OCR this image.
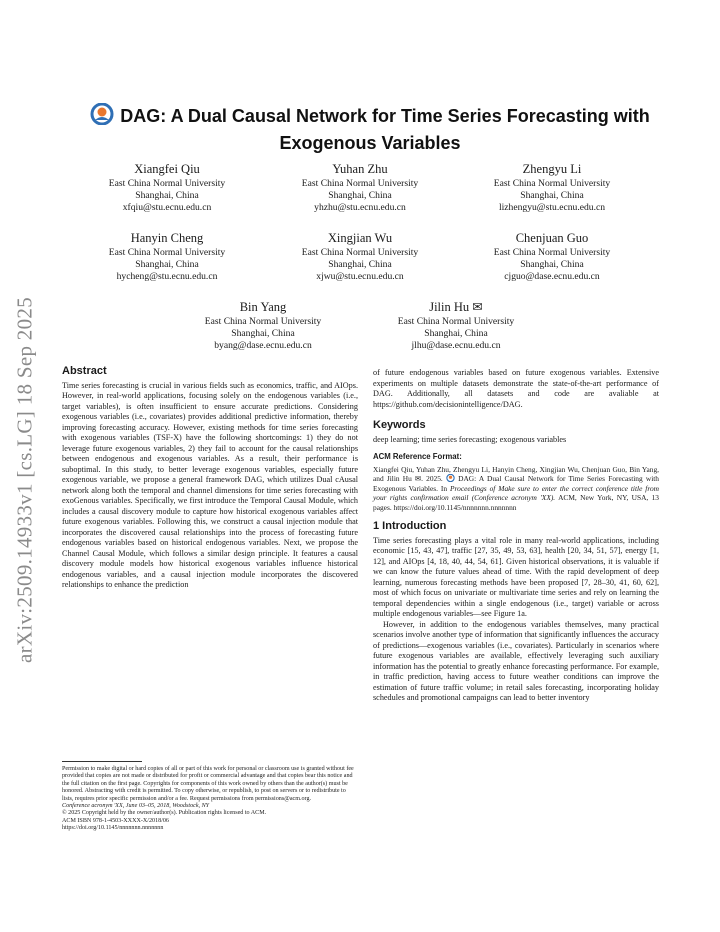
arXiv:2509.14933v1 [cs.LG] 18 Sep 2025
DAG: A Dual Causal Network for Time Series Forecasting with
Exogenous Variables
Xiangfei Qiu
East China Normal University
Shanghai, China
xfqiu@stu.ecnu.edu.cn
Yuhan Zhu
East China Normal University
Shanghai, China
yhzhu@stu.ecnu.edu.cn
Zhengyu Li
East China Normal University
Shanghai, China
lizhengyu@stu.ecnu.edu.cn
Hanyin Cheng
East China Normal University
Shanghai, China
hycheng@stu.ecnu.edu.cn
Xingjian Wu
East China Normal University
Shanghai, China
xjwu@stu.ecnu.edu.cn
Chenjuan Guo
East China Normal University
Shanghai, China
cjguo@dase.ecnu.edu.cn
Bin Yang
East China Normal University
Shanghai, China
byang@dase.ecnu.edu.cn
Jilin Hu ✉
East China Normal University
Shanghai, China
jlhu@dase.ecnu.edu.cn
Abstract

Time series forecasting is crucial in various fields such as economics, traffic, and AIOps. However, in real-world applications, focusing solely on the endogenous variables (i.e., target variables), is often insufficient to ensure accurate predictions. Considering exogenous variables (i.e., covariates) provides additional predictive information, thereby improving forecasting accuracy. However, existing methods for time series forecasting with exogenous variables (TSF-X) have the following shortcomings: 1) they do not leverage future exogenous variables, 2) they fail to account for the causal relationships between endogenous and exogenous variables. As a result, their performance is suboptimal. In this study, to better leverage exogenous variables, especially future exogenous variable, we propose a general framework DAG, which utilizes Dual cAusal network along both the temporal and channel dimensions for time series forecasting with exoGenous variables. Specifically, we first introduce the Temporal Causal Module, which includes a causal discovery module to capture how historical exogenous variables affect future exogenous variables. Following this, we construct a causal injection module that incorporates the discovered causal relationships into the process of forecasting future endogenous variables based on historical endogenous variables. Next, we propose the Channel Causal Module, which follows a similar design principle. It features a causal discovery module models how historical exogenous variables influence historical endogenous variables, and a causal injection module incorporates the discovered relationships to enhance the prediction

Permission to make digital or hard copies of all or part of this work for personal or classroom use is granted without fee provided that copies are not made or distributed for profit or commercial advantage and that copies bear this notice and the full citation on the first page. Copyrights for components of this work owned by others than the author(s) must be honored. Abstracting with credit is permitted. To copy otherwise, or republish, to post on servers or to redistribute to lists, requires prior specific permission and/or a fee. Request permissions from permissions@acm.org.

Conference acronym 'XX, June 03–05, 2018, Woodstock, NY

© 2025 Copyright held by the owner/author(s). Publication rights licensed to ACM.

ACM ISBN 978-1-4503-XXXX-X/2018/06

https://doi.org/10.1145/nnnnnnn.nnnnnnn

of future endogenous variables based on future exogenous variables. Extensive experiments on multiple datasets demonstrate the state-of-the-art performance of DAG. Additionally, all datasets and code are avaliable at https://github.com/decisionintelligence/DAG.

Keywords

deep learning; time series forecasting; exogenous variables

ACM Reference Format:

Xiangfei Qiu, Yuhan Zhu, Zhengyu Li, Hanyin Cheng, Xingjian Wu, Chenjuan Guo, Bin Yang, and Jilin Hu ✉. 2025. DAG: A Dual Causal Network for Time Series Forecasting with Exogenous Variables. In Proceedings of Make sure to enter the correct conference title from your rights confirmation email (Conference acronym 'XX). ACM, New York, NY, USA, 13 pages. https://doi.org/10.1145/nnnnnnn.nnnnnnn

1 Introduction

Time series forecasting plays a vital role in many real-world applications, including economic [15, 43, 47], traffic [27, 35, 49, 53, 63], health [20, 34, 51, 57], energy [1, 12], and AIOps [4, 18, 40, 44, 54, 61]. Given historical observations, it is valuable if we can know the future values ahead of time. With the rapid development of deep learning, numerous forecasting methods have been proposed [7, 28–30, 41, 60, 62], most of which focus on univariate or multivariate time series and rely on learning the temporal dependencies within a single endogenous (i.e., target) variable or across multiple endogenous variables—see Figure 1a.

However, in addition to the endogenous variables themselves, many practical scenarios involve another type of information that significantly influences the accuracy of predictions—exogenous variables (i.e., covariates). Particularly in scenarios where future exogenous variables are available, effectively leveraging such auxiliary information has the potential to greatly enhance forecasting performance. For example, in traffic prediction, having access to future weather conditions can improve the estimation of future traffic volume; in retail sales forecasting, incorporating holiday schedules and promotional campaigns can lead to better inventory
